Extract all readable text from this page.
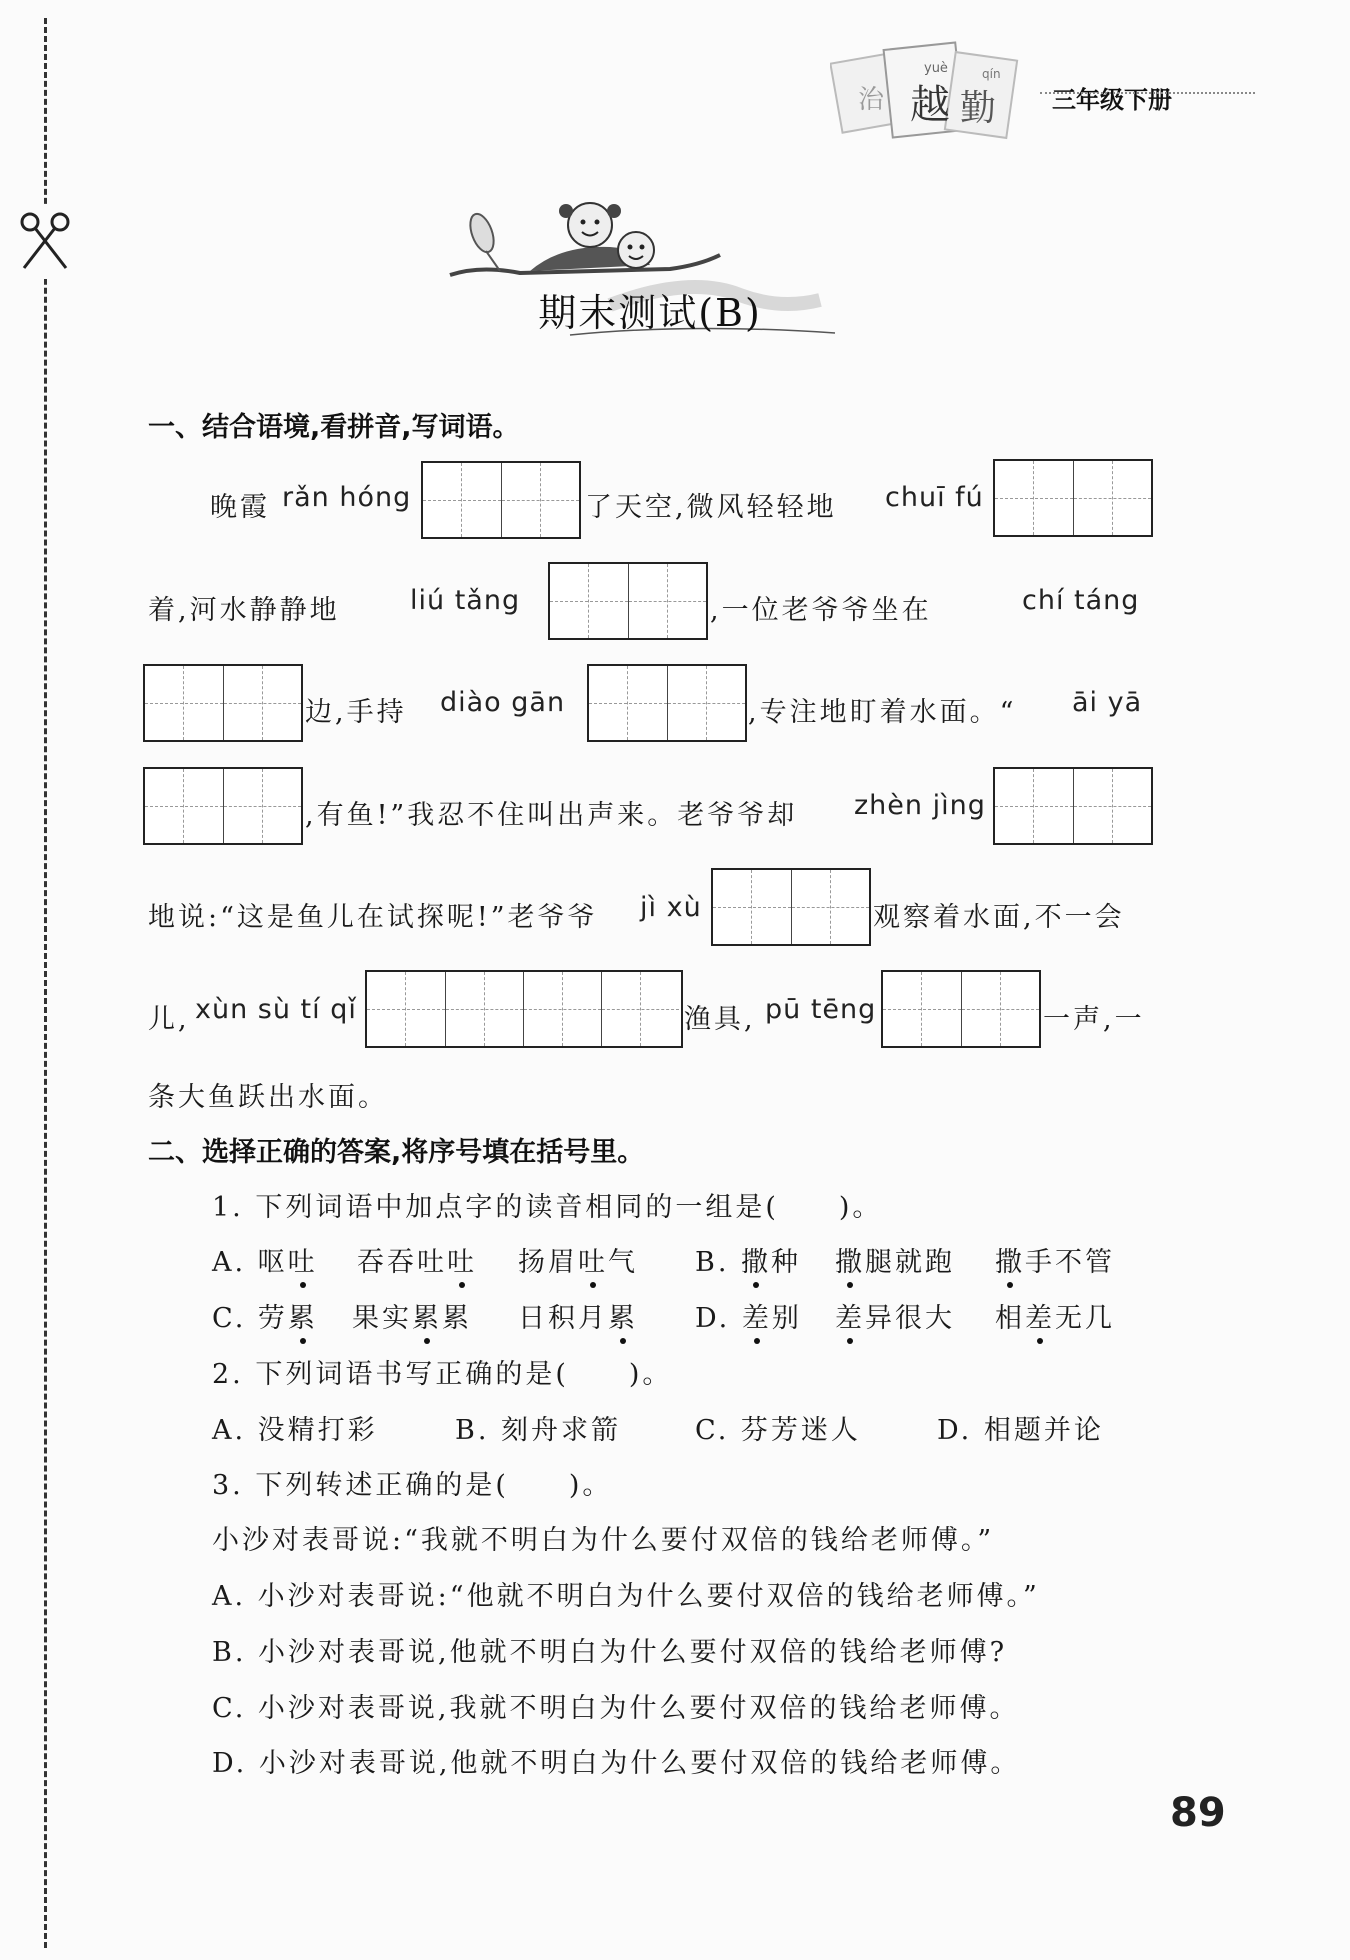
治 越 勤
yuè	qín
三年级下册
期末测试(B)
一、结合语境,看拼音,写词语。
晚霞 rǎn hóng	了天空,微风轻轻地 chuī fú
着,河水静静地	liú tǎng	,一位老爷爷坐在	chí táng
边,手持 diào gān	,专注地盯着水面。“ āi yā
,有鱼!”我忍不住叫出声来。老爷爷却 zhèn jìng
地说:“这是鱼儿在试探呢!”老爷爷 jì xù	观察着水面,不一会
儿, xùn sù tí qǐ	渔具, pū tēng	一声,一
条大鱼跃出水面。
二、选择正确的答案,将序号填在括号里。
1. 下列词语中加点字的读音相同的一组是(　　)。
A. 呕吐 吞吞吐吐 扬眉吐气 B. 撒种 撒腿就跑 撒手不管
C. 劳累 果实累累 日积月累 D. 差别 差异很大 相差无几
2. 下列词语书写正确的是(　　)。
A. 没精打彩	B. 刻舟求箭	C. 芬芳迷人	D. 相题并论
3. 下列转述正确的是(　　)。
小沙对表哥说:“我就不明白为什么要付双倍的钱给老师傅。”
A. 小沙对表哥说:“他就不明白为什么要付双倍的钱给老师傅。”
B. 小沙对表哥说,他就不明白为什么要付双倍的钱给老师傅?
C. 小沙对表哥说,我就不明白为什么要付双倍的钱给老师傅。
D. 小沙对表哥说,他就不明白为什么要付双倍的钱给老师傅。
89
